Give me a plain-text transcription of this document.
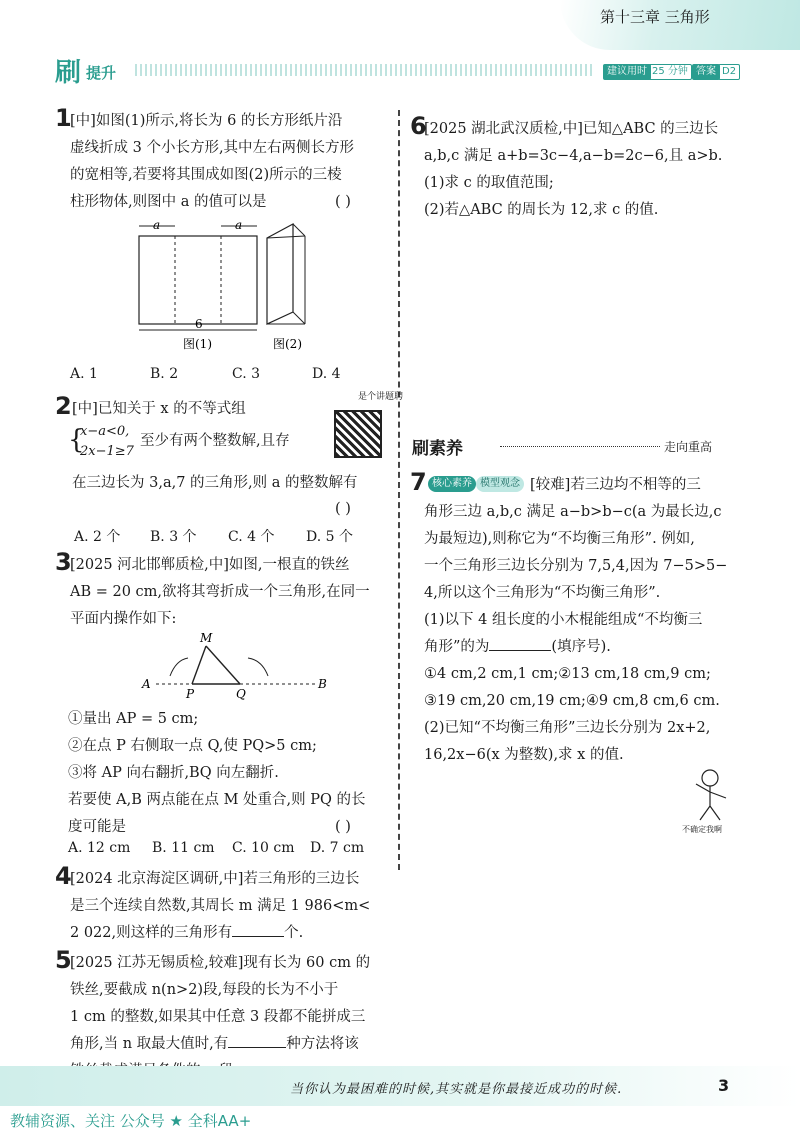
第十三章 三角形
刷 提升	建议用时 25 分钟 答案 D2
1
[中]如图(1)所示,将长为 6 的长方形纸片沿
虚线折成 3 个小长方形,其中左右两侧长方形
的宽相等,若要将其围成如图(2)所示的三棱
柱形物体,则图中 a 的值可以是	( )
a	a
6
图(1)	图(2)
A. 1	B. 2	C. 3	D. 4
2 [中]已知关于 x 的不等式组
{
x−a<0,
2x−1≥7
至少有两个整数解,且存
是个讲题聘
在三边长为 3,a,7 的三角形,则 a 的整数解有
( )
A. 2 个 B. 3 个 C. 4 个 D. 5 个
3
[2025 河北邯郸质检,中]如图,一根直的铁丝
AB = 20 cm,欲将其弯折成一个三角形,在同一
平面内操作如下:
M
A
P	Q
B
①量出 AP = 5 cm;
②在点 P 右侧取一点 Q,使 PQ>5 cm;
③将 AP 向右翻折,BQ 向左翻折.
若要使 A,B 两点能在点 M 处重合,则 PQ 的长
度可能是	( )
A. 12 cm B. 11 cm C. 10 cm D. 7 cm
4
[2024 北京海淀区调研,中]若三角形的三边长
是三个连续自然数,其周长 m 满足 1 986<m<
2 022,则这样的三角形有	个.
5
[2025 江苏无锡质检,较难]现有长为 60 cm 的
铁丝,要截成 n(n>2)段,每段的长为不小于
1 cm 的整数,如果其中任意 3 段都不能拼成三
角形,当 n 取最大值时,有	种方法将该
6
[2025 湖北武汉质检,中]已知△ABC 的三边长
a,b,c 满足 a+b=3c−4,a−b=2c−6,且 a>b.
(1)求 c 的取值范围;
(2)若△ABC 的周长为 12,求 c 的值.
刷素养	走向重高
7 核心素养 模型观念 [较难]若三边均不相等的三
角形三边 a,b,c 满足 a−b>b−c(a 为最长边,c
为最短边),则称它为“不均衡三角形”. 例如,
一个三角形三边长分别为 7,5,4,因为 7−5>5−
4,所以这个三角形为“不均衡三角形”.
(1)以下 4 组长度的小木棍能组成“不均衡三
角形”的为	(填序号).
①4 cm,2 cm,1 cm;②13 cm,18 cm,9 cm;
③19 cm,20 cm,19 cm;④9 cm,8 cm,6 cm.
(2)已知“不均衡三角形”三边长分别为 2x+2,
16,2x−6(x 为整数),求 x 的值.
不确定我啊
当你认为最困难的时候,其实就是你最接近成功的时候.	3
教辅资源、关注 公众号 ★ 全科AA+
